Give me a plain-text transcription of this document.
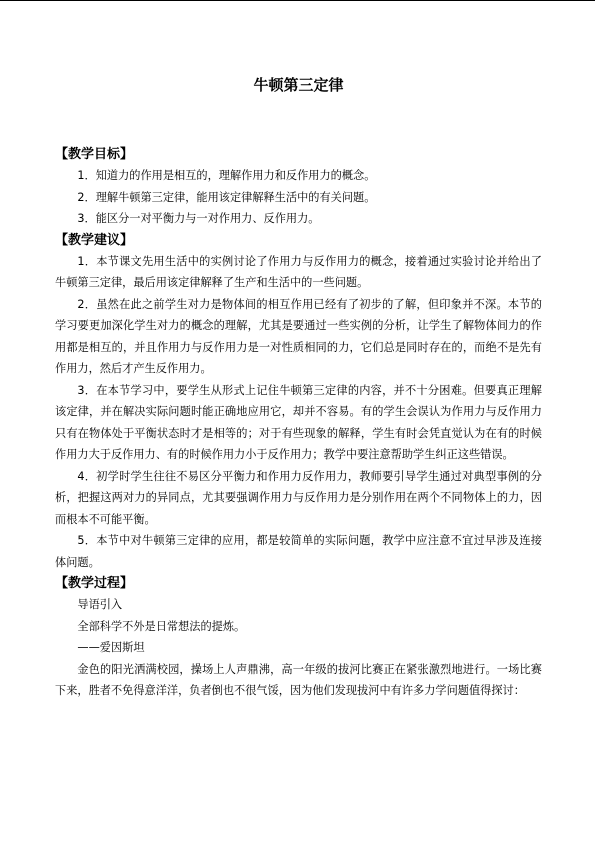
牛顿第三定律

【教学目标】

1．知道力的作用是相互的，理解作用力和反作用力的概念。

2．理解牛顿第三定律，能用该定律解释生活中的有关问题。

3．能区分一对平衡力与一对作用力、反作用力。

【教学建议】

1．本节课文先用生活中的实例讨论了作用力与反作用力的概念，接着通过实验讨论并给出了牛顿第三定律，最后用该定律解释了生产和生活中的一些问题。

2．虽然在此之前学生对力是物体间的相互作用已经有了初步的了解，但印象并不深。本节的学习要更加深化学生对力的概念的理解，尤其是要通过一些实例的分析，让学生了解物体间力的作用都是相互的，并且作用力与反作用力是一对性质相同的力，它们总是同时存在的，而绝不是先有作用力，然后才产生反作用力。

3．在本节学习中，要学生从形式上记住牛顿第三定律的内容，并不十分困难。但要真正理解该定律，并在解决实际问题时能正确地应用它，却并不容易。有的学生会误认为作用力与反作用力只有在物体处于平衡状态时才是相等的；对于有些现象的解释，学生有时会凭直觉认为在有的时候作用力大于反作用力、有的时候作用力小于反作用力；教学中要注意帮助学生纠正这些错误。

4．初学时学生往往不易区分平衡力和作用力反作用力，教师要引导学生通过对典型事例的分析，把握这两对力的异同点，尤其要强调作用力与反作用力是分别作用在两个不同物体上的力，因而根本不可能平衡。

5．本节中对牛顿第三定律的应用，都是较简单的实际问题，教学中应注意不宜过早涉及连接体问题。

【教学过程】

导语引入

全部科学不外是日常想法的提炼。

——爱因斯坦

金色的阳光洒满校园，操场上人声鼎沸，高一年级的拔河比赛正在紧张激烈地进行。一场比赛下来，胜者不免得意洋洋，负者倒也不很气馁，因为他们发现拔河中有许多力学问题值得探讨：
